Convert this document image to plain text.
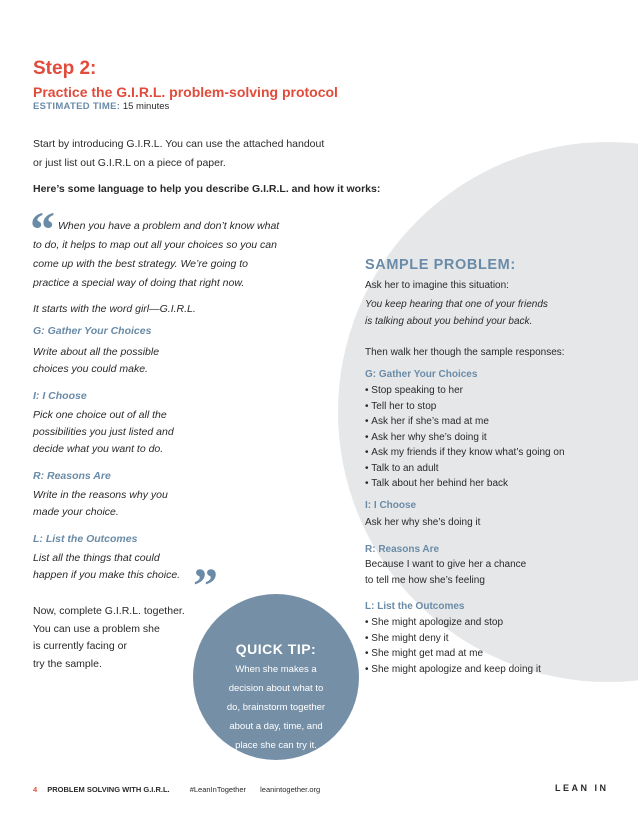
Step 2:
Practice the G.I.R.L. problem-solving protocol
ESTIMATED TIME: 15 minutes
Start by introducing G.I.R.L. You can use the attached handout
or just list out G.I.R.L on a piece of paper.
Here’s some language to help you describe G.I.R.L. and how it works:
“ When you have a problem and don’t know what
to do, it helps to map out all your choices so you can
come up with the best strategy. We’re going to
practice a special way of doing that right now.
It starts with the word girl—G.I.R.L.
G: Gather Your Choices
Write about all the possible
choices you could make.
I: I Choose
Pick one choice out of all the
possibilities you just listed and
decide what you want to do.
R: Reasons Are
Write in the reasons why you
made your choice.
L: List the Outcomes
List all the things that could
happen if you make this choice. ”
Now, complete G.I.R.L. together.
You can use a problem she
is currently facing or
try the sample.
QUICK TIP:
When she makes a
decision about what to
do, brainstorm together
about a day, time, and
place she can try it.
SAMPLE PROBLEM:
Ask her to imagine this situation:
You keep hearing that one of your friends
is talking about you behind your back.
Then walk her though the sample responses:
G: Gather Your Choices
• Stop speaking to her
• Tell her to stop
• Ask her if she’s mad at me
• Ask her why she’s doing it
• Ask my friends if they know what’s going on
• Talk to an adult
• Talk about her behind her back
I: I Choose
Ask her why she’s doing it
R: Reasons Are
Because I want to give her a chance
to tell me how she’s feeling
L: List the Outcomes
• She might apologize and stop
• She might deny it
• She might get mad at me
• She might apologize and keep doing it
4 PROBLEM SOLVING WITH G.I.R.L.	#LeanInTogether leanintogether.org	LEAN IN
